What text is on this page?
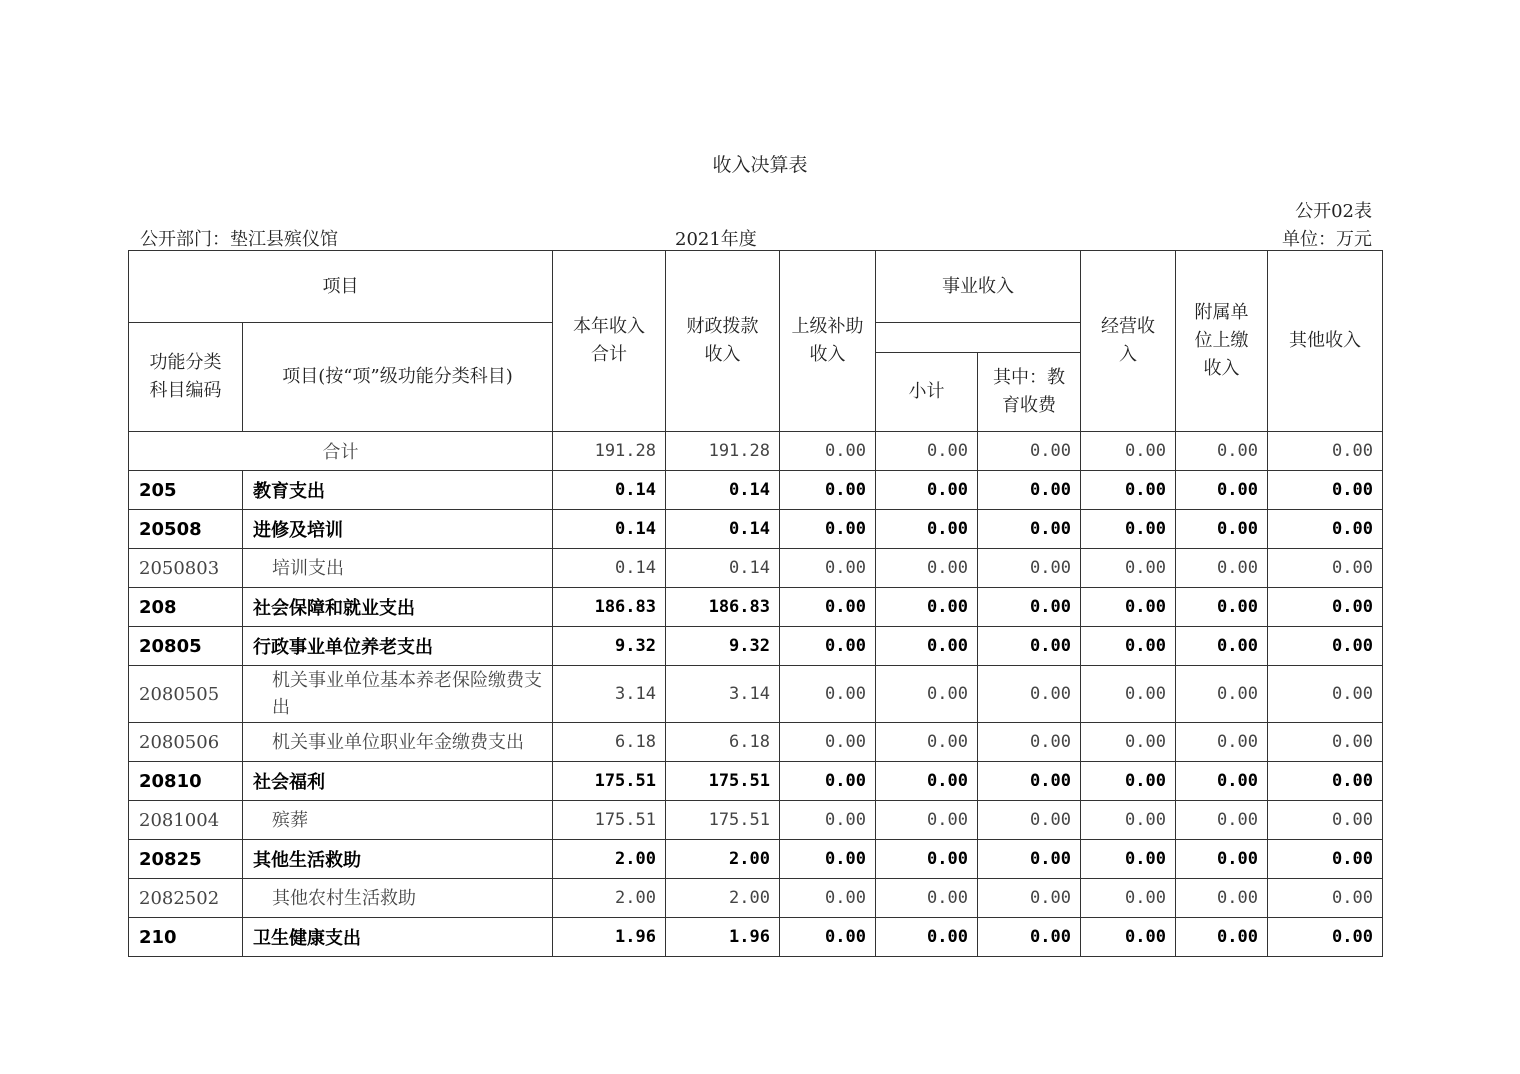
收入决算表
公开02表
公开部门：垫江县殡仪馆	2021年度	单位：万元
项目		本年收入合计	财政拨款收入	上级补助收入	事业收入		经营收入	附属单位上缴收入	其他收入

功能分类科目编码	项目(按“项”级功能分类科目)								
					小计	其中：教育收费			

合计		191.28	191.28	0.00	0.00	0.00	0.00	0.00	0.00
205	教育支出	0.14	0.14	0.00	0.00	0.00	0.00	0.00	0.00
20508	进修及培训	0.14	0.14	0.00	0.00	0.00	0.00	0.00	0.00
2050803	培训支出	0.14	0.14	0.00	0.00	0.00	0.00	0.00	0.00
208	社会保障和就业支出	186.83	186.83	0.00	0.00	0.00	0.00	0.00	0.00
20805	行政事业单位养老支出	9.32	9.32	0.00	0.00	0.00	0.00	0.00	0.00
2080505	机关事业单位基本养老保险缴费支出	3.14	3.14	0.00	0.00	0.00	0.00	0.00	0.00
2080506	机关事业单位职业年金缴费支出	6.18	6.18	0.00	0.00	0.00	0.00	0.00	0.00
20810	社会福利	175.51	175.51	0.00	0.00	0.00	0.00	0.00	0.00
2081004	殡葬	175.51	175.51	0.00	0.00	0.00	0.00	0.00	0.00
20825	其他生活救助	2.00	2.00	0.00	0.00	0.00	0.00	0.00	0.00
2082502	其他农村生活救助	2.00	2.00	0.00	0.00	0.00	0.00	0.00	0.00
210	卫生健康支出	1.96	1.96	0.00	0.00	0.00	0.00	0.00	0.00
